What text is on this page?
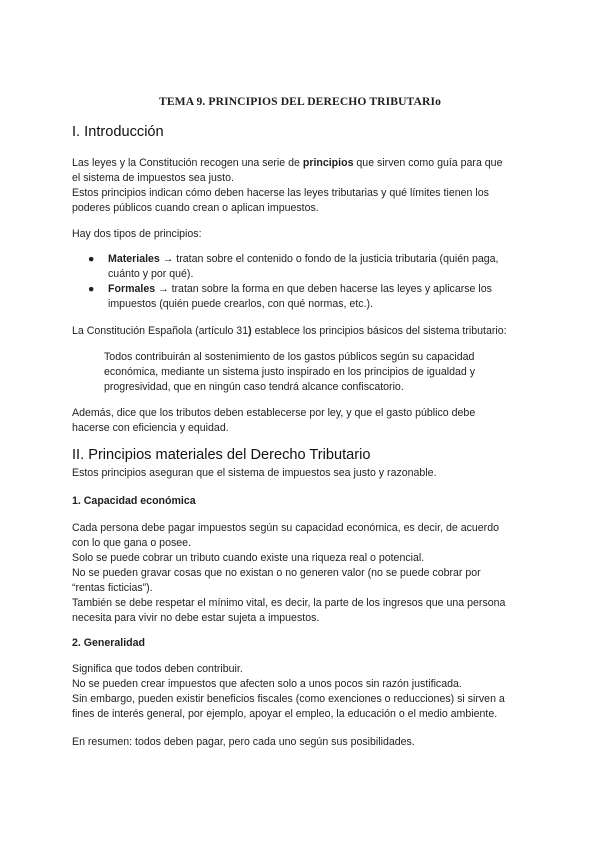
TEMA 9. PRINCIPIOS DEL DERECHO TRIBUTARIo
I. Introducción
Las leyes y la Constitución recogen una serie de principios que sirven como guía para que
el sistema de impuestos sea justo.
Estos principios indican cómo deben hacerse las leyes tributarias y qué límites tienen los
poderes públicos cuando crean o aplican impuestos.
Hay dos tipos de principios:
● Materiales → tratan sobre el contenido o fondo de la justicia tributaria (quién paga,
cuánto y por qué).
● Formales → tratan sobre la forma en que deben hacerse las leyes y aplicarse los
impuestos (quién puede crearlos, con qué normas, etc.).
La Constitución Española (artículo 31) establece los principios básicos del sistema tributario:
Todos contribuirán al sostenimiento de los gastos públicos según su capacidad
económica, mediante un sistema justo inspirado en los principios de igualdad y
progresividad, que en ningún caso tendrá alcance confiscatorio.
Además, dice que los tributos deben establecerse por ley, y que el gasto público debe
hacerse con eficiencia y equidad.
II. Principios materiales del Derecho Tributario
Estos principios aseguran que el sistema de impuestos sea justo y razonable.
1. Capacidad económica
Cada persona debe pagar impuestos según su capacidad económica, es decir, de acuerdo
con lo que gana o posee.
Solo se puede cobrar un tributo cuando existe una riqueza real o potencial.
No se pueden gravar cosas que no existan o no generen valor (no se puede cobrar por
“rentas ficticias”).
También se debe respetar el mínimo vital, es decir, la parte de los ingresos que una persona
necesita para vivir no debe estar sujeta a impuestos.
2. Generalidad
Significa que todos deben contribuir.
No se pueden crear impuestos que afecten solo a unos pocos sin razón justificada.
Sin embargo, pueden existir beneficios fiscales (como exenciones o reducciones) si sirven a
fines de interés general, por ejemplo, apoyar el empleo, la educación o el medio ambiente.
En resumen: todos deben pagar, pero cada uno según sus posibilidades.
